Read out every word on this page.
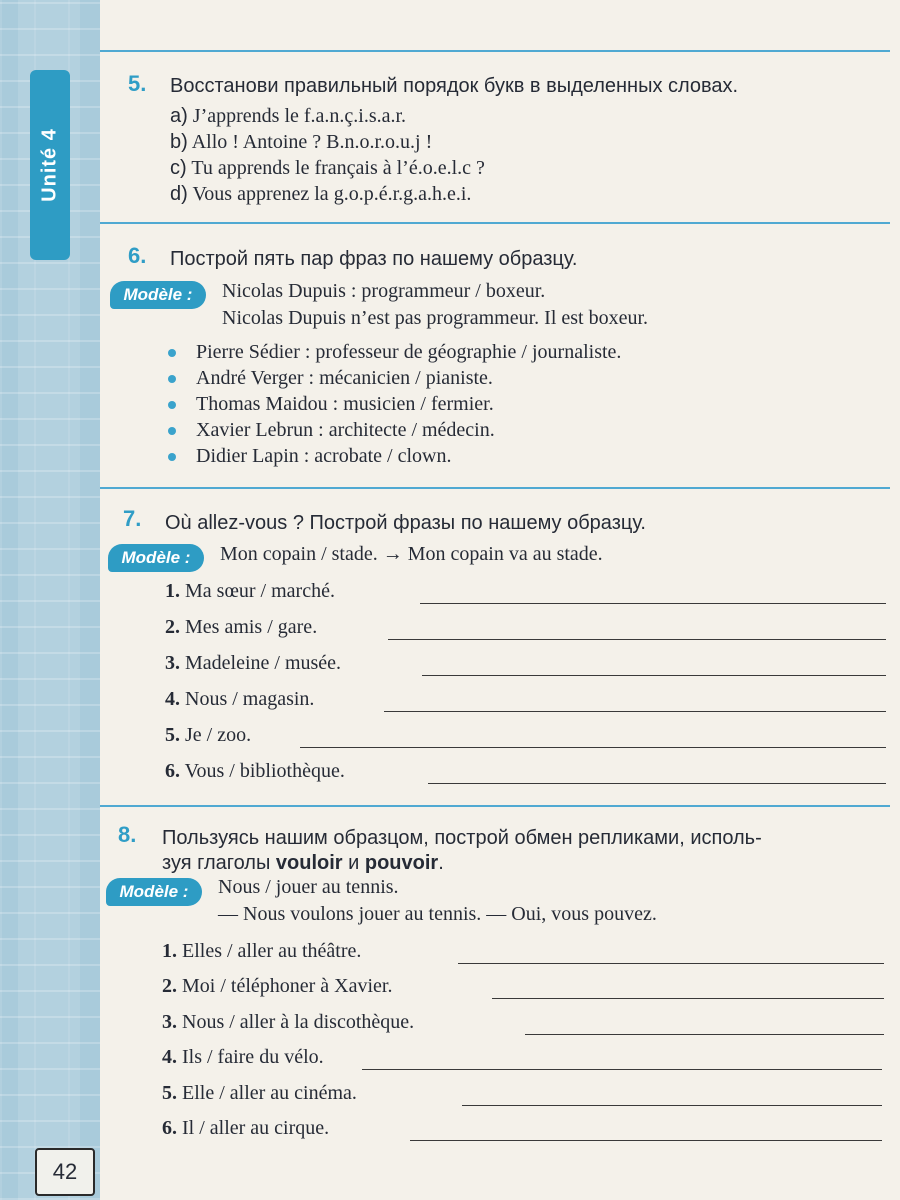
Unité 4
42
5. Восстанови правильный порядок букв в выделенных словах.
a) J’apprends le f.a.n.ç.i.s.a.r.
b) Allo ! Antoine ? B.n.o.r.o.u.j !
c) Tu apprends le français à l’é.o.e.l.c ?
d) Vous apprenez la g.o.p.é.r.g.a.h.e.i.
6. Построй пять пар фраз по нашему образцу.
Modèle :	Nicolas Dupuis : programmeur / boxeur.
Nicolas Dupuis n’est pas programmeur. Il est boxeur.
Pierre Sédier : professeur de géographie / journaliste.
André Verger : mécanicien / pianiste.
Thomas Maidou : musicien / fermier.
Xavier Lebrun : architecte / médecin.
Didier Lapin : acrobate / clown.
7. Où allez-vous ? Построй фразы по нашему образцу.
Modèle :	Mon copain / stade. → Mon copain va au stade.
1. Ma sœur / marché.
2. Mes amis / gare.
3. Madeleine / musée.
4. Nous / magasin.
5. Je / zoo.
6. Vous / bibliothèque.
8. Пользуясь нашим образцом, построй обмен репликами, исполь-
зуя глаголы vouloir и pouvoir.
Modèle :	Nous / jouer au tennis.
— Nous voulons jouer au tennis. — Oui, vous pouvez.
1. Elles / aller au théâtre.
2. Moi / téléphoner à Xavier.
3. Nous / aller à la discothèque.
4. Ils / faire du vélo.
5. Elle / aller au cinéma.
6. Il / aller au cirque.
